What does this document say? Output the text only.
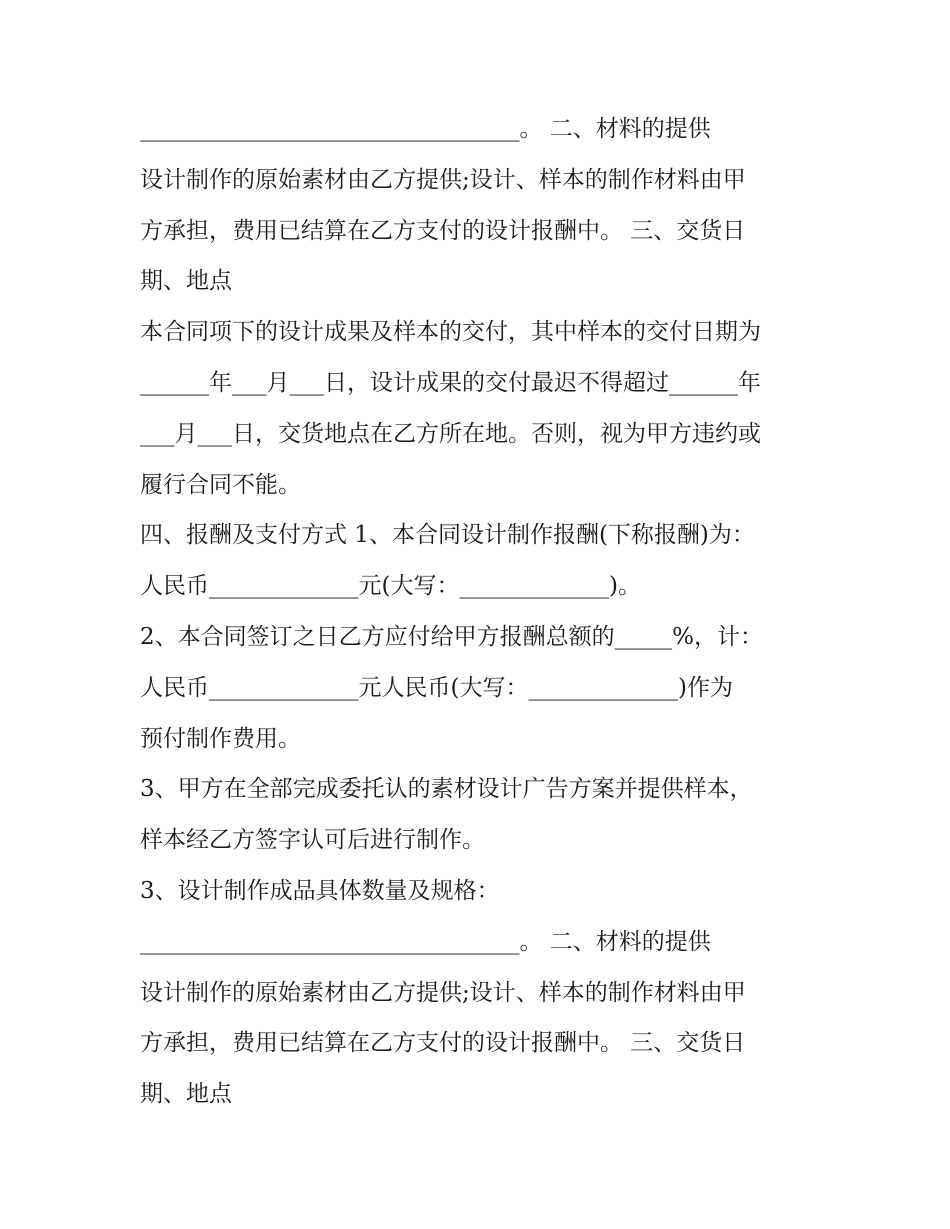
_________________________________。 二、材料的提供
设计制作的原始素材由乙方提供;设计、样本的制作材料由甲
方承担，费用已结算在乙方支付的设计报酬中。 三、交货日
期、地点
本合同项下的设计成果及样本的交付，其中样本的交付日期为
______年___月___日，设计成果的交付最迟不得超过______年
___月___日，交货地点在乙方所在地。否则，视为甲方违约或
履行合同不能。
四、报酬及支付方式 1、本合同设计制作报酬(下称报酬)为：
人民币_____________元(大写：_____________)。
2、本合同签订之日乙方应付给甲方报酬总额的_____%，计：
人民币_____________元人民币(大写：_____________)作为
预付制作费用。
3、甲方在全部完成委托认的素材设计广告方案并提供样本，
样本经乙方签字认可后进行制作。
3、设计制作成品具体数量及规格：
_________________________________。 二、材料的提供
设计制作的原始素材由乙方提供;设计、样本的制作材料由甲
方承担，费用已结算在乙方支付的设计报酬中。 三、交货日
期、地点
